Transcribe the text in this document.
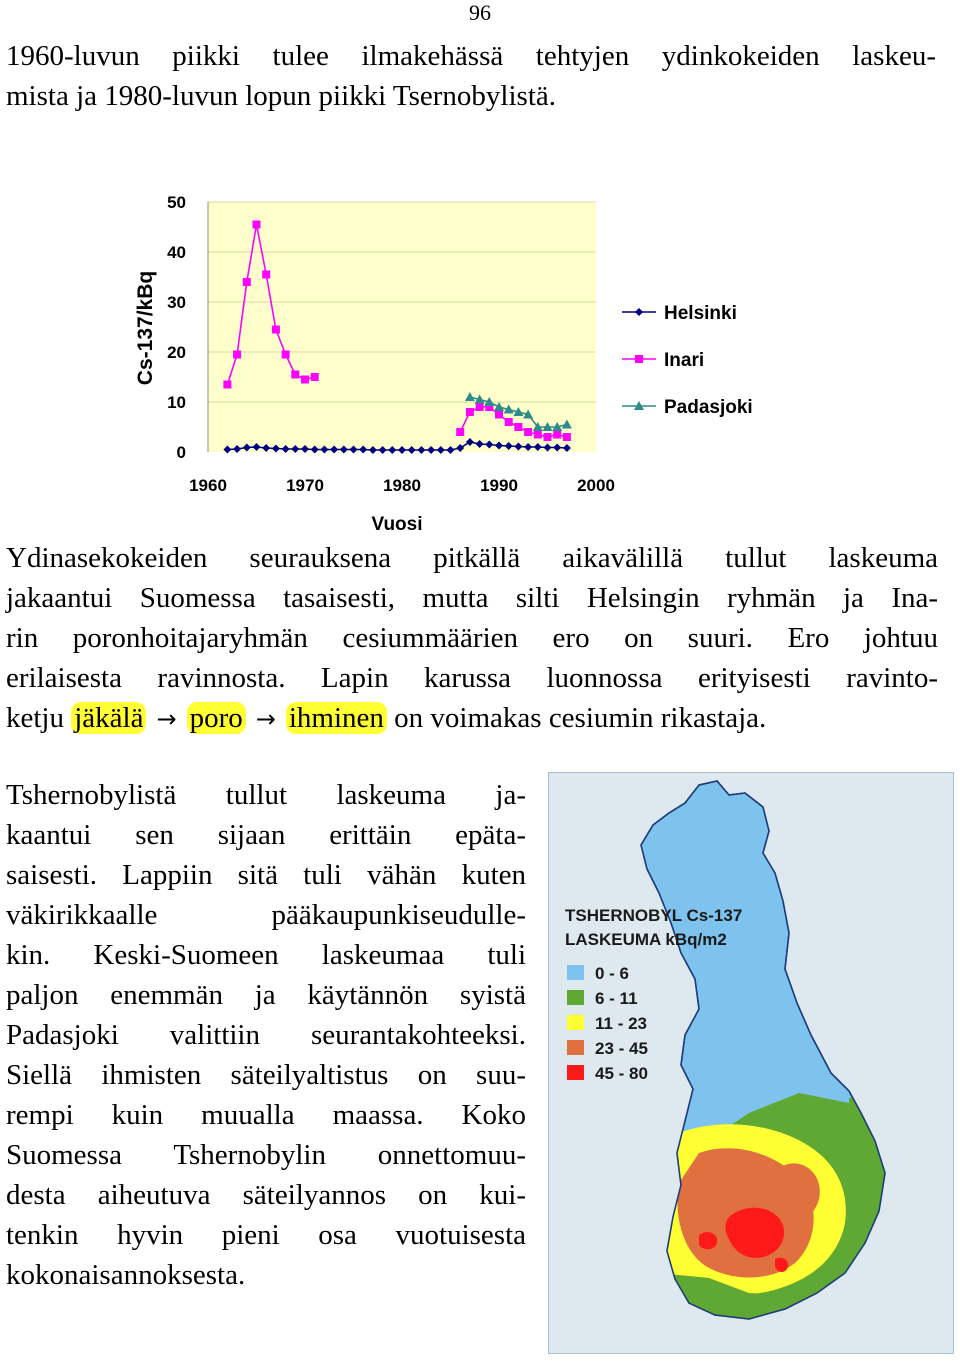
96

1960-luvun piikki tulee ilmakehässä tehtyjen ydinkokeiden laskeu-
mista ja 1980-luvun lopun piikki Tsernobylistä.

0
10
20
30
40
50
1960	1970	1980	1990	2000
Cs-137/kBq
Vuosi
Helsinki
Inari
Padasjoki

Ydinasekokeiden seurauksena pitkällä aikavälillä tullut laskeuma
jakaantui Suomessa tasaisesti, mutta silti Helsingin ryhmän ja Ina-
rin poronhoitajaryhmän cesiummäärien ero on suuri. Ero johtuu
erilaisesta ravinnosta. Lapin karussa luonnossa erityisesti ravinto-
ketju jäkälä → poro → ihminen on voimakas cesiumin rikastaja.

Tshernobylistä tullut laskeuma ja-
kaantui sen sijaan erittäin epäta-
saisesti. Lappiin sitä tuli vähän kuten
väkirikkaalle pääkaupunkiseudulle-
kin. Keski-Suomeen laskeumaa tuli
paljon enemmän ja käytännön syistä
Padasjoki valittiin seurantakohteeksi.
Siellä ihmisten säteilyaltistus on suu-
rempi kuin muualla maassa. Koko
Suomessa Tshernobylin onnettomuu-
desta aiheutuva säteilyannos on kui-
tenkin hyvin pieni osa vuotuisesta
kokonaisannoksesta.

TSHERNOBYL Cs-137
LASKEUMA kBq/m2
0 - 6
6 - 11
11 - 23
23 - 45
45 - 80
